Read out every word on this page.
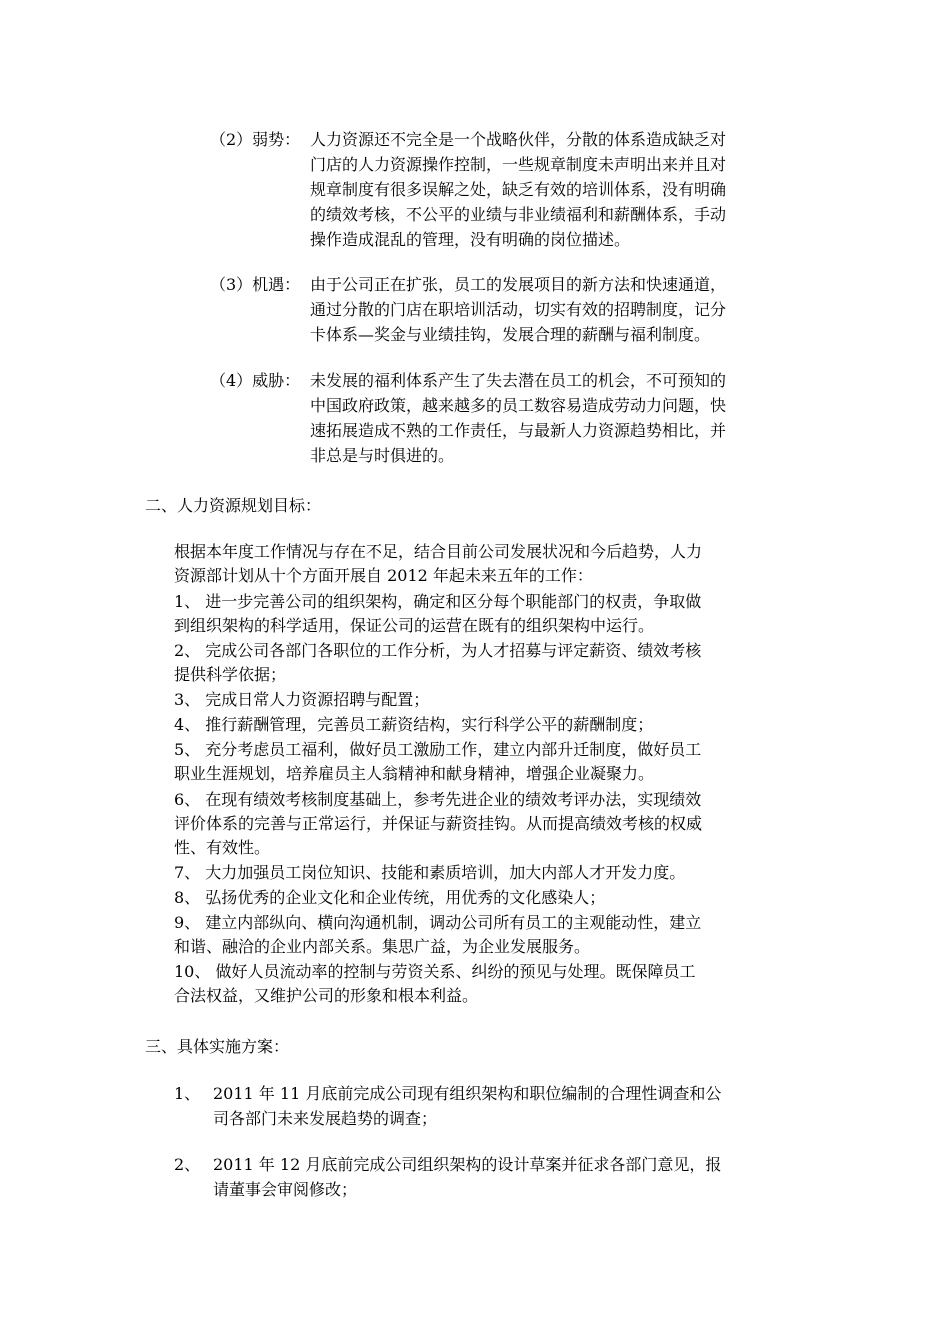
（2）弱势： 人力资源还不完全是一个战略伙伴，分散的体系造成缺乏对
门店的人力资源操作控制，一些规章制度未声明出来并且对
规章制度有很多误解之处，缺乏有效的培训体系，没有明确
的绩效考核，不公平的业绩与非业绩福利和薪酬体系，手动
操作造成混乱的管理，没有明确的岗位描述。
（3）机遇： 由于公司正在扩张，员工的发展项目的新方法和快速通道，
通过分散的门店在职培训活动，切实有效的招聘制度，记分
卡体系—奖金与业绩挂钩，发展合理的薪酬与福利制度。
（4）威胁： 未发展的福利体系产生了失去潜在员工的机会，不可预知的
中国政府政策，越来越多的员工数容易造成劳动力问题，快
速拓展造成不熟的工作责任，与最新人力资源趋势相比，并
非总是与时俱进的。
二、人力资源规划目标：
根据本年度工作情况与存在不足，结合目前公司发展状况和今后趋势，人力
资源部计划从十个方面开展自 2012 年起未来五年的工作：
1、 进一步完善公司的组织架构，确定和区分每个职能部门的权责，争取做
到组织架构的科学适用，保证公司的运营在既有的组织架构中运行。
2、 完成公司各部门各职位的工作分析，为人才招募与评定薪资、绩效考核
提供科学依据；
3、 完成日常人力资源招聘与配置；
4、 推行薪酬管理，完善员工薪资结构，实行科学公平的薪酬制度；
5、 充分考虑员工福利，做好员工激励工作，建立内部升迁制度，做好员工
职业生涯规划，培养雇员主人翁精神和献身精神，增强企业凝聚力。
6、 在现有绩效考核制度基础上，参考先进企业的绩效考评办法，实现绩效
评价体系的完善与正常运行，并保证与薪资挂钩。从而提高绩效考核的权威
性、有效性。
7、 大力加强员工岗位知识、技能和素质培训，加大内部人才开发力度。
8、 弘扬优秀的企业文化和企业传统，用优秀的文化感染人；
9、 建立内部纵向、横向沟通机制，调动公司所有员工的主观能动性，建立
和谐、融洽的企业内部关系。集思广益，为企业发展服务。
10、 做好人员流动率的控制与劳资关系、纠纷的预见与处理。既保障员工
合法权益，又维护公司的形象和根本利益。
三、具体实施方案：
1、 2011 年 11 月底前完成公司现有组织架构和职位编制的合理性调查和公
司各部门未来发展趋势的调查；
2、 2011 年 12 月底前完成公司组织架构的设计草案并征求各部门意见，报
请董事会审阅修改；
